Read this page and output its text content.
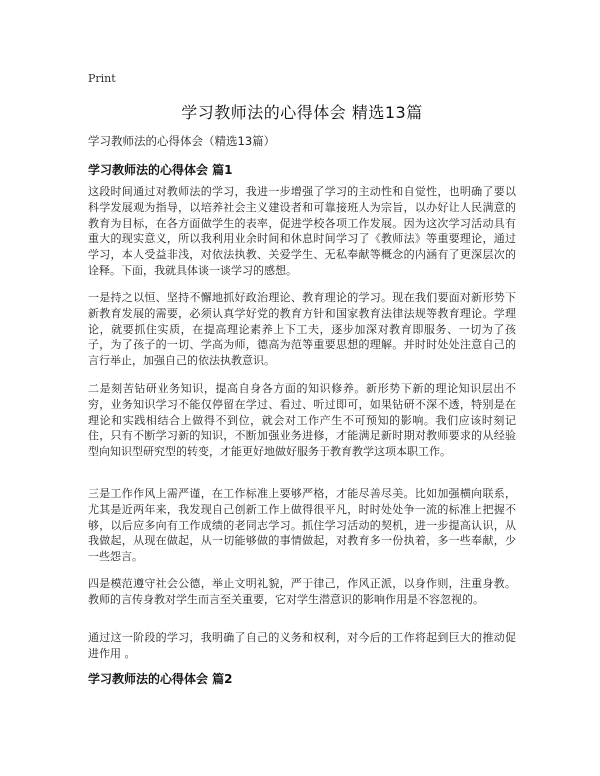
Print
学习教师法的心得体会 精选13篇
学习教师法的心得体会（精选13篇）
学习教师法的心得体会 篇1

这段时间通过对教师法的学习，我进一步增强了学习的主动性和自觉性，也明确了要以科学发展观为指导，以培养社会主义建设者和可靠接班人为宗旨，以办好让人民满意的教育为目标，在各方面做学生的表率，促进学校各项工作发展。因为这次学习活动具有重大的现实意义，所以我利用业余时间和休息时间学习了《教师法》等重要理论，通过学习，本人受益非浅，对依法执教、关爱学生、无私奉献等概念的内涵有了更深层次的诠释。下面，我就具体谈一谈学习的感想。

一是持之以恒、坚持不懈地抓好政治理论、教育理论的学习。现在我们要面对新形势下新教育发展的需要，必须认真学好党的教育方针和国家教育法律法规等教育理论。学理论，就要抓住实质，在提高理论素养上下工夫，逐步加深对教育即服务、一切为了孩子，为了孩子的一切、学高为师，德高为范等重要思想的理解。并时时处处注意自己的言行举止，加强自己的依法执教意识。

二是刻苦钻研业务知识，提高自身各方面的知识修养。新形势下新的理论知识层出不穷，业务知识学习不能仅停留在学过、看过、听过即可，如果钻研不深不透，特别是在理论和实践相结合上做得不到位，就会对工作产生不可预知的影响。我们应该时刻记住，只有不断学习新的知识，不断加强业务进修，才能满足新时期对教师要求的从经验型向知识型研究型的转变，才能更好地做好服务于教育教学这项本职工作。

三是工作作风上需严谨，在工作标准上要够严格，才能尽善尽美。比如加强横向联系，尤其是近两年来，我发现自己创新工作上做得很平凡，时时处处争一流的标准上把握不够，以后应多向有工作成绩的老同志学习。抓住学习活动的契机，进一步提高认识，从我做起，从现在做起，从一切能够做的事情做起，对教育多一份执着，多一些奉献，少一些怨言。

四是模范遵守社会公德，举止文明礼貌，严于律己，作风正派，以身作则，注重身教。教师的言传身教对学生而言至关重要，它对学生潜意识的影响作用是不容忽视的。

通过这一阶段的学习，我明确了自己的义务和权利，对今后的工作将起到巨大的推动促进作用 。

学习教师法的心得体会 篇2
